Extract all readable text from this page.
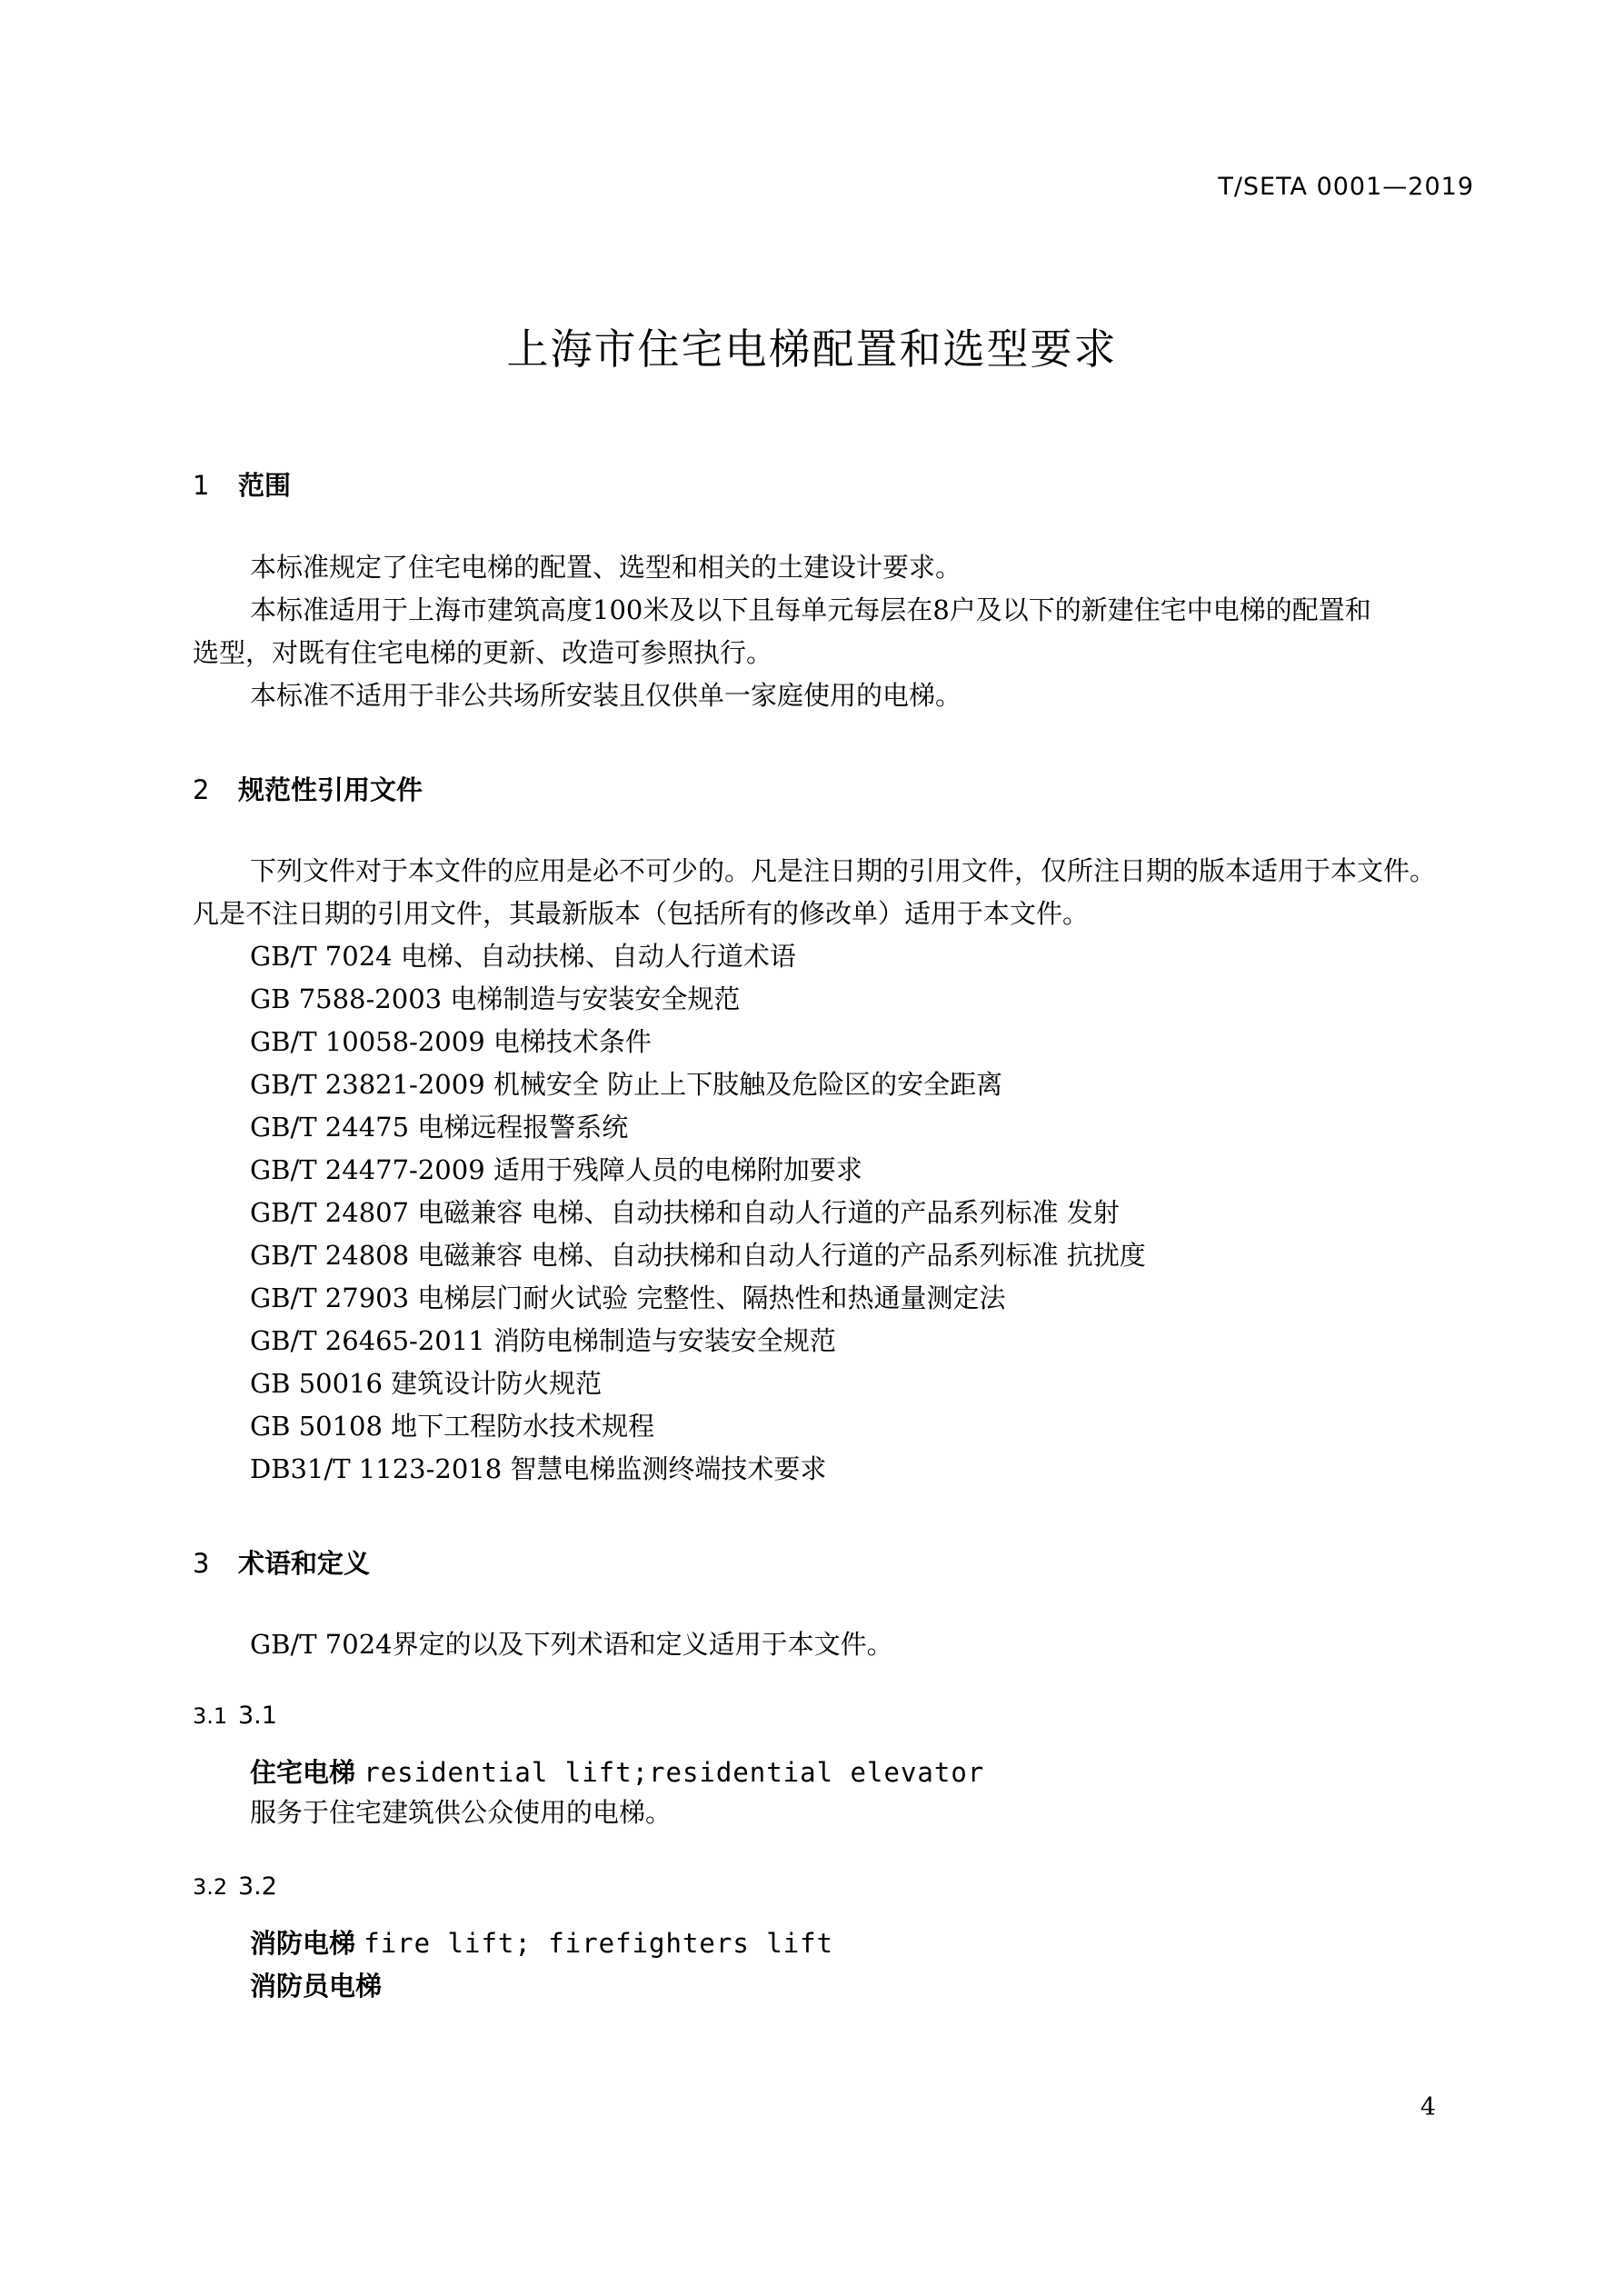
T/SETA 0001—2019
上海市住宅电梯配置和选型要求
1 范围
本标准规定了住宅电梯的配置、选型和相关的土建设计要求。
本标准适用于上海市建筑高度100米及以下且每单元每层在8户及以下的新建住宅中电梯的配置和
选型，对既有住宅电梯的更新、改造可参照执行。
本标准不适用于非公共场所安装且仅供单一家庭使用的电梯。
2 规范性引用文件
下列文件对于本文件的应用是必不可少的。凡是注日期的引用文件，仅所注日期的版本适用于本文件。
凡是不注日期的引用文件，其最新版本（包括所有的修改单）适用于本文件。
GB/T 7024 电梯、自动扶梯、自动人行道术语
GB 7588-2003 电梯制造与安装安全规范
GB/T 10058-2009 电梯技术条件
GB/T 23821-2009 机械安全 防止上下肢触及危险区的安全距离
GB/T 24475 电梯远程报警系统
GB/T 24477-2009 适用于残障人员的电梯附加要求
GB/T 24807 电磁兼容 电梯、自动扶梯和自动人行道的产品系列标准 发射
GB/T 24808 电磁兼容 电梯、自动扶梯和自动人行道的产品系列标准 抗扰度
GB/T 27903 电梯层门耐火试验 完整性、隔热性和热通量测定法
GB/T 26465-2011 消防电梯制造与安装安全规范
GB 50016 建筑设计防火规范
GB 50108 地下工程防水技术规程
DB31/T 1123-2018 智慧电梯监测终端技术要求
3 术语和定义
GB/T 7024界定的以及下列术语和定义适用于本文件。
3.1 3.1
住宅电梯 residential lift;residential elevator
服务于住宅建筑供公众使用的电梯。
3.2 3.2
消防电梯 fire lift; firefighters lift
消防员电梯
4
